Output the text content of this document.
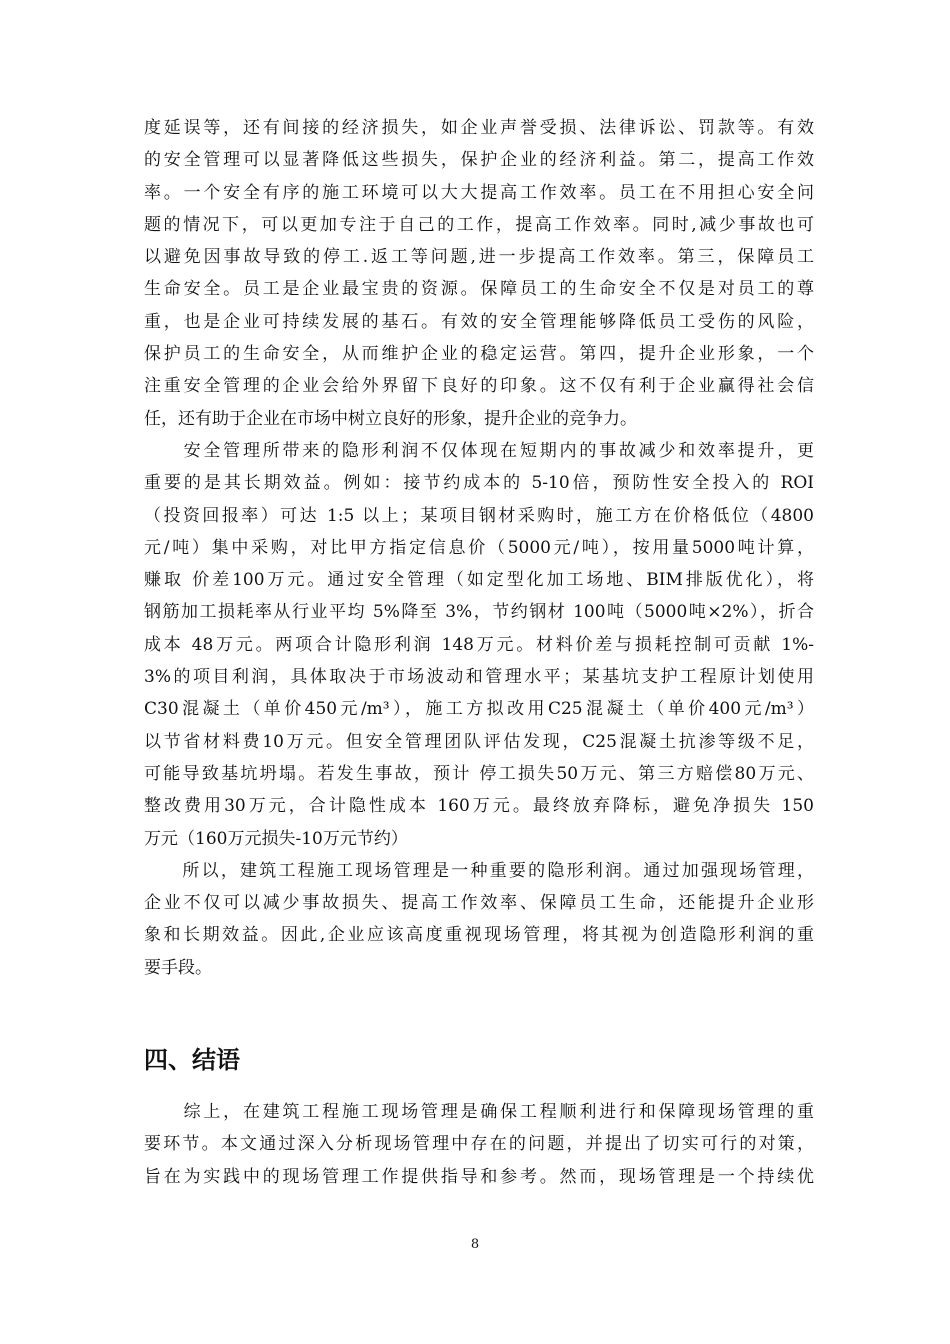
度延误等，还有间接的经济损失，如企业声誉受损、法律诉讼、罚款等。有效
的安全管理可以显著降低这些损失，保护企业的经济利益。第二，提高工作效
率。一个安全有序的施工环境可以大大提高工作效率。员工在不用担心安全问
题的情况下，可以更加专注于自己的工作，提高工作效率。同时,减少事故也可
以避免因事故导致的停工.返工等问题,进一步提高工作效率。第三，保障员工
生命安全。员工是企业最宝贵的资源。保障员工的生命安全不仅是对员工的尊
重，也是企业可持续发展的基石。有效的安全管理能够降低员工受伤的风险，
保护员工的生命安全，从而维护企业的稳定运营。第四，提升企业形象，一个
注重安全管理的企业会给外界留下良好的印象。这不仅有利于企业赢得社会信
任，还有助于企业在市场中树立良好的形象，提升企业的竞争力。
　　安全管理所带来的隐形利润不仅体现在短期内的事故减少和效率提升，更
重要的是其长期效益。例如：接节约成本的 5-10倍，预防性安全投入的 ROI
（投资回报率）可达 1:5 以上；某项目钢材采购时，施工方在价格低位（4800
元/吨）集中采购，对比甲方指定信息价（5000元/吨），按用量5000吨计算，
赚取 价差100万元。通过安全管理（如定型化加工场地、BIM排版优化），将
钢筋加工损耗率从行业平均 5%降至 3%，节约钢材 100吨（5000吨×2%），折合
成本 48万元。两项合计隐形利润 148万元。材料价差与损耗控制可贡献 1%-
3%的项目利润，具体取决于市场波动和管理水平；某基坑支护工程原计划使用
C30混凝土（单价450元/m³），施工方拟改用C25混凝土（单价400元/m³）
以节省材料费10万元。但安全管理团队评估发现，C25混凝土抗渗等级不足，
可能导致基坑坍塌。若发生事故，预计 停工损失50万元、第三方赔偿80万元、
整改费用30万元，合计隐性成本 160万元。最终放弃降标，避免净损失 150
万元（160万元损失-10万元节约）
　　所以，建筑工程施工现场管理是一种重要的隐形利润。通过加强现场管理，
企业不仅可以减少事故损失、提高工作效率、保障员工生命，还能提升企业形
象和长期效益。因此,企业应该高度重视现场管理，将其视为创造隐形利润的重
要手段。
四、结语
　　综上，在建筑工程施工现场管理是确保工程顺利进行和保障现场管理的重
要环节。本文通过深入分析现场管理中存在的问题，并提出了切实可行的对策，
旨在为实践中的现场管理工作提供指导和参考。然而，现场管理是一个持续优
8
